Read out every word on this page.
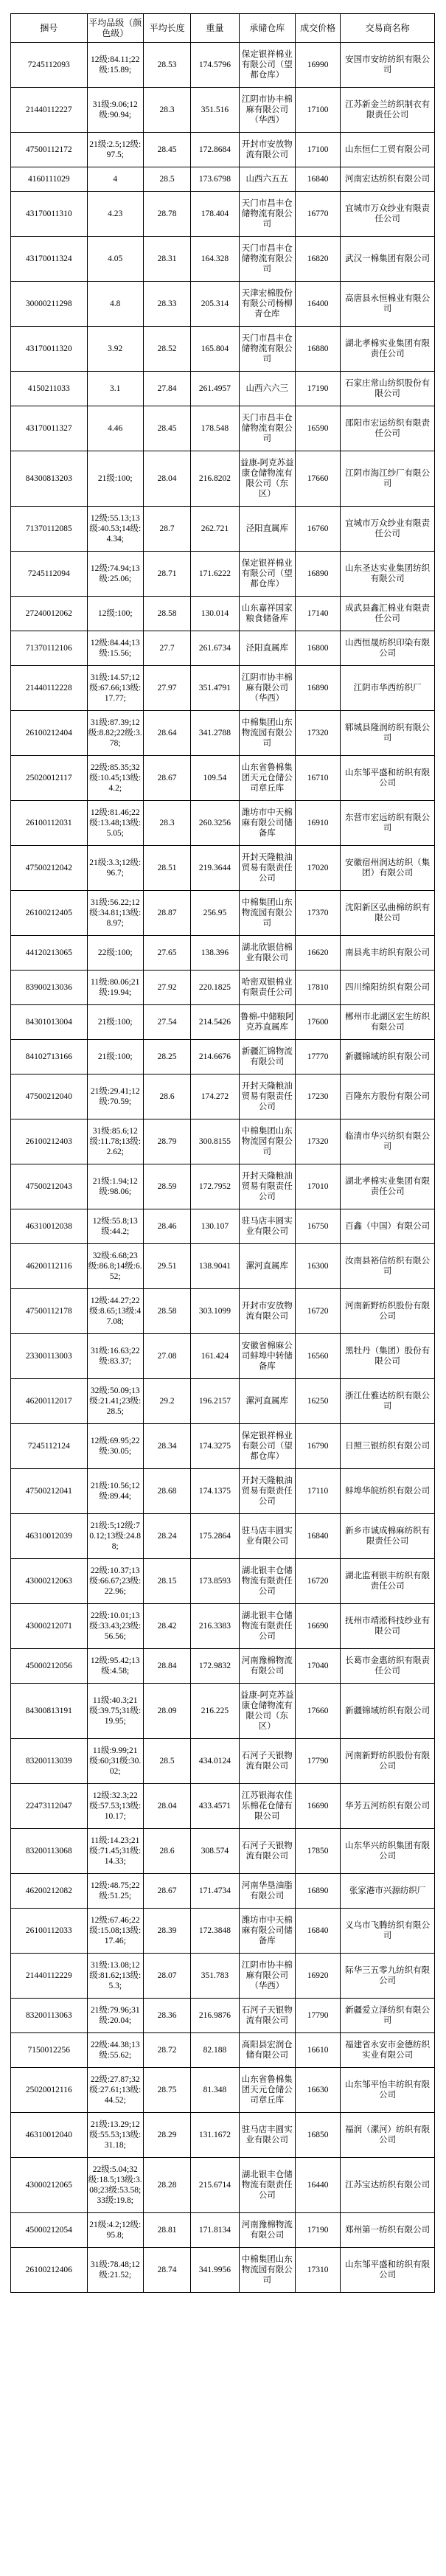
捆号	平均品级（颜色级）	平均长度	重量	承储仓库	成交价格	交易商名称
7245112093	12级:84.11;22级:15.89;	28.53	174.5796	保定银祥棉业有限公司（望都仓库）	16990	安国市安纺纺织有限公司
21440112227	31级:9.06;12级:90.94;	28.3	351.516	江阴市协丰棉麻有限公司（华西）	17100	江苏新金兰纺织制衣有限责任公司
47500112172	21级:2.5;12级:97.5;	28.45	172.8684	开封市安放物流有限公司	17100	山东恒仁工贸有限公司
4160111029	4	28.5	173.6798	山西六五五	16840	河南宏达纺织有限公司
43170011310	4.23	28.78	178.404	天门市昌丰仓储物流有限公司	16770	宜城市万众纱业有限责任公司
43170011324	4.05	28.31	164.328	天门市昌丰仓储物流有限公司	16820	武汉一棉集团有限公司
30000211298	4.8	28.33	205.314	天津宏棉股份有限公司杨柳青仓库	16400	高唐县永恒棉业有限公司
43170011320	3.92	28.52	165.804	天门市昌丰仓储物流有限公司	16880	湖北孝棉实业集团有限责任公司
4150211033	3.1	27.84	261.4957	山西六六三	17190	石家庄常山纺织股份有限公司
43170011327	4.46	28.45	178.548	天门市昌丰仓储物流有限公司	16590	邵阳市宏运纺织有限责任公司
84300813203	21级:100;	28.04	216.8202	益康-阿克苏益康仓储物流有限公司（东区）	17660	江阴市海江纱厂有限公司
71370112085	12级:55.13;13级:40.53;14级:4.34;	28.7	262.721	泾阳直属库	16760	宜城市万众纱业有限责任公司
7245112094	12级:74.94;13级:25.06;	28.71	171.6222	保定银祥棉业有限公司（望都仓库）	16890	山东圣达实业集团纺织有限公司
27240012062	12级:100;	28.58	130.014	山东嘉祥国家粮食储备库	17140	成武县鑫汇棉业有限责任公司
71370112106	12级:84.44;13级:15.56;	27.7	261.6734	泾阳直属库	16800	山西恒晟纺织印染有限公司
21440112228	31级:14.57;12级:67.66;13级:17.77;	27.97	351.4791	江阴市协丰棉麻有限公司（华西）	16890	江阴市华西纺织厂
26100212404	31级:87.39;12级:8.82;22级:3.78;	28.64	341.2788	中棉集团山东物流园有限公司	17320	郓城县隆润纺织有限公司
25020012117	22级:85.35;32级:10.45;13级:4.2;	28.67	109.54	山东省鲁棉集团天元仓储公司章丘库	16710	山东邹平盛和纺织有限公司
26100112031	12级:81.46;22级:13.48;13级:5.05;	28.3	260.3256	潍坊市中天棉麻有限公司储备库	16910	东营市宏远纺织有限公司
47500212042	21级:3.3;12级:96.7;	28.51	219.3644	开封天隆粮油贸易有限责任公司	17020	安徽宿州润达纺织（集团）有限公司
26100212405	31级:56.22;12级:34.81;13级:8.97;	28.87	256.95	中棉集团山东物流园有限公司	17370	沈阳新区弘曲棉纺织有限公司
44120213065	22级:100;	27.65	138.396	湖北欣银信棉业有限公司	16620	南县兆丰纺织有限公司
83900213036	11级:80.06;21级:19.94;	27.92	220.1825	哈密双银棉业有限责任公司	17810	四川绵阳纺织有限公司
84301013004	21级:100;	27.54	214.5426	鲁棉-中储粮阿克苏直属库	17600	郴州市北湖区宏生纺织有限公司
84102713166	21级:100;	28.25	214.6676	新疆汇锦物流有限公司	17770	新疆锦域纺织有限公司
47500212040	21级:29.41;12级:70.59;	28.6	174.272	开封天隆粮油贸易有限责任公司	17230	百隆东方股份有限公司
26100212403	31级:85.6;12级:11.78;13级:2.62;	28.79	300.8155	中棉集团山东物流园有限公司	17320	临清市华兴纺织有限公司
47500212043	21级:1.94;12级:98.06;	28.59	172.7952	开封天隆粮油贸易有限责任公司	17010	湖北孝棉实业集团有限责任公司
46310012038	12级:55.8;13级:44.2;	28.46	130.107	驻马店丰圆实业有限公司	16750	百鑫（中国）有限公司
46200112116	32级:6.68;23级:86.8;14级:6.52;	29.51	138.9041	漯河直属库	16300	汝南县裕信纺织有限公司
47500112178	12级:44.27;22级:8.65;13级:47.08;	28.58	303.1099	开封市安放物流有限公司	16720	河南新野纺织股份有限公司
23300113003	31级:16.63;22级:83.37;	27.08	161.424	安徽省棉麻公司蚌埠中转储备库	16560	黑牡丹（集团）股份有限公司
46200112017	32级:50.09;13级:21.41;23级:28.5;	29.2	196.2157	漯河直属库	16250	浙江仕雅达纺织有限公司
7245112124	12级:69.95;22级:30.05;	28.34	174.3275	保定银祥棉业有限公司（望都仓库）	16790	日照三银纺织有限公司
47500212041	21级:10.56;12级:89.44;	28.68	174.1375	开封天隆粮油贸易有限责任公司	17110	蚌埠华皖纺织有限公司
46310012039	21级:5;12级:70.12;13级:24.88;	28.24	175.2864	驻马店丰圆实业有限公司	16840	新乡市诚成棉麻纺织有限责任公司
43000212063	22级:10.37;13级:66.67;23级:22.96;	28.15	173.8593	湖北银丰仓储物流有限责任公司	16720	湖北监利银丰纺织有限责任公司
43000212071	22级:10.01;13级:33.43;23级:56.56;	28.42	216.3383	湖北银丰仓储物流有限责任公司	16690	抚州市靖淞科技纱业有限公司
45000212056	12级:95.42;13级:4.58;	28.84	172.9832	河南豫棉物流有限公司	17040	长葛市金惠纺织有限责任公司
84300813191	11级:40.3;21级:39.75;31级:19.95;	28.09	216.225	益康-阿克苏益康仓储物流有限公司（东区）	17660	新疆锦域纺织有限公司
83200113039	11级:9.99;21级:60;31级:30.02;	28.5	434.0124	石河子天银物流有限公司	17790	河南新野纺织股份有限公司
22473112047	12级:32.3;22级:57.53;13级:10.17;	28.04	433.4571	江苏银海农佳乐棉花仓储有限公司	16690	华芳五河纺织有限公司
83200113068	11级:14.23;21级:71.45;31级:14.33;	28.6	308.574	石河子天银物流有限公司	17850	山东华兴纺织集团有限公司
46200212082	12级:48.75;22级:51.25;	28.67	171.4734	河南华垦油脂有限公司	16890	张家港市兴源纺织厂
26100112033	12级:67.46;22级:15.08;13级:17.46;	28.39	172.3848	潍坊市中天棉麻有限公司储备库	16840	义乌市飞腾纺织有限公司
21440112229	31级:13.08;12级:81.62;13级:5.3;	28.07	351.783	江阴市协丰棉麻有限公司（华西）	16920	际华三五零九纺织有限公司
83200113063	21级:79.96;31级:20.04;	28.36	216.9876	石河子天银物流有限公司	17790	新疆爱立泽纺织有限公司
7150012256	22级:44.38;13级:55.62;	28.72	82.188	高阳县宏润仓储有限公司	16610	福建省永安市金德纺织实业有限公司
25020012116	22级:27.87;32级:27.61;13级:44.52;	28.75	81.348	山东省鲁棉集团天元仓储公司章丘库	16630	山东邹平怡丰纺织有限公司
46310012040	21级:13.29;12级:55.53;13级:31.18;	28.29	131.1672	驻马店丰圆实业有限公司	16850	福润（漯河）纺织有限公司
43000212065	22级:5.04;32级:18.5;13级:3.08;23级:53.58;33级:19.8;	28.28	215.6714	湖北银丰仓储物流有限责任公司	16440	江苏宝达纺织有限公司
45000212054	21级:4.2;12级:95.8;	28.81	171.8134	河南豫棉物流有限公司	17190	郑州第一纺织有限公司
26100212406	31级:78.48;12级:21.52;	28.74	341.9956	中棉集团山东物流园有限公司	17310	山东邹平盛和纺织有限公司
